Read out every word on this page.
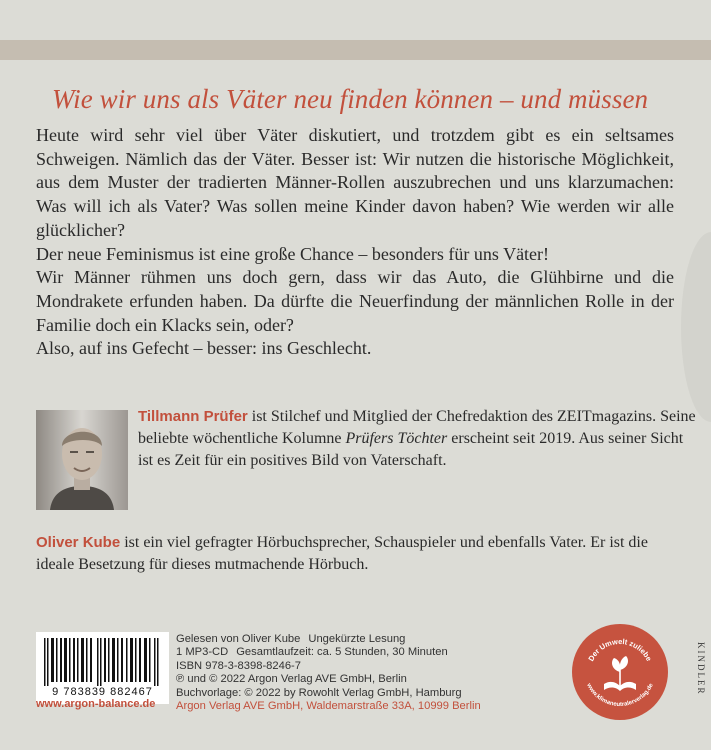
Wie wir uns als Väter neu finden können – und müssen

Heute wird sehr viel über Väter diskutiert, und trotzdem gibt es ein seltsames Schweigen. Nämlich das der Väter. Besser ist: Wir nutzen die historische Möglichkeit, aus dem Muster der tradierten Männer-Rollen auszubrechen und uns klarzumachen: Was will ich als Vater? Was sollen meine Kinder davon haben? Wie werden wir alle glücklicher?

Der neue Feminismus ist eine große Chance – besonders für uns Väter!

Wir Männer rühmen uns doch gern, dass wir das Auto, die Glühbirne und die Mondrakete erfunden haben. Da dürfte die Neuerfindung der männlichen Rolle in der Familie doch ein Klacks sein, oder?

Also, auf ins Gefecht – besser: ins Geschlecht.

Tillmann Prüfer ist Stilchef und Mitglied der Chefredaktion des ZEITmagazins. Seine beliebte wöchentliche Kolumne Prüfers Töchter erscheint seit 2019. Aus seiner Sicht ist es Zeit für ein positives Bild von Vaterschaft.
Oliver Kube ist ein viel gefragter Hörbuchsprecher, Schauspieler und ebenfalls Vater. Er ist die ideale Besetzung für dieses mutmachende Hörbuch.
9 783839 882467
www.argon-balance.de
Gelesen von Oliver Kube Ungekürzte Lesung
1 MP3-CD Gesamtlaufzeit: ca. 5 Stunden, 30 Minuten
ISBN 978-3-8398-8246-7
℗ und © 2022 Argon Verlag AVE GmbH, Berlin
Buchvorlage: © 2022 by Rowohlt Verlag GmbH, Hamburg
Argon Verlag AVE GmbH, Waldemarstraße 33A, 10999 Berlin
Der Umwelt zuliebe
www.klimaneutralerverlag.de	KINDLER
